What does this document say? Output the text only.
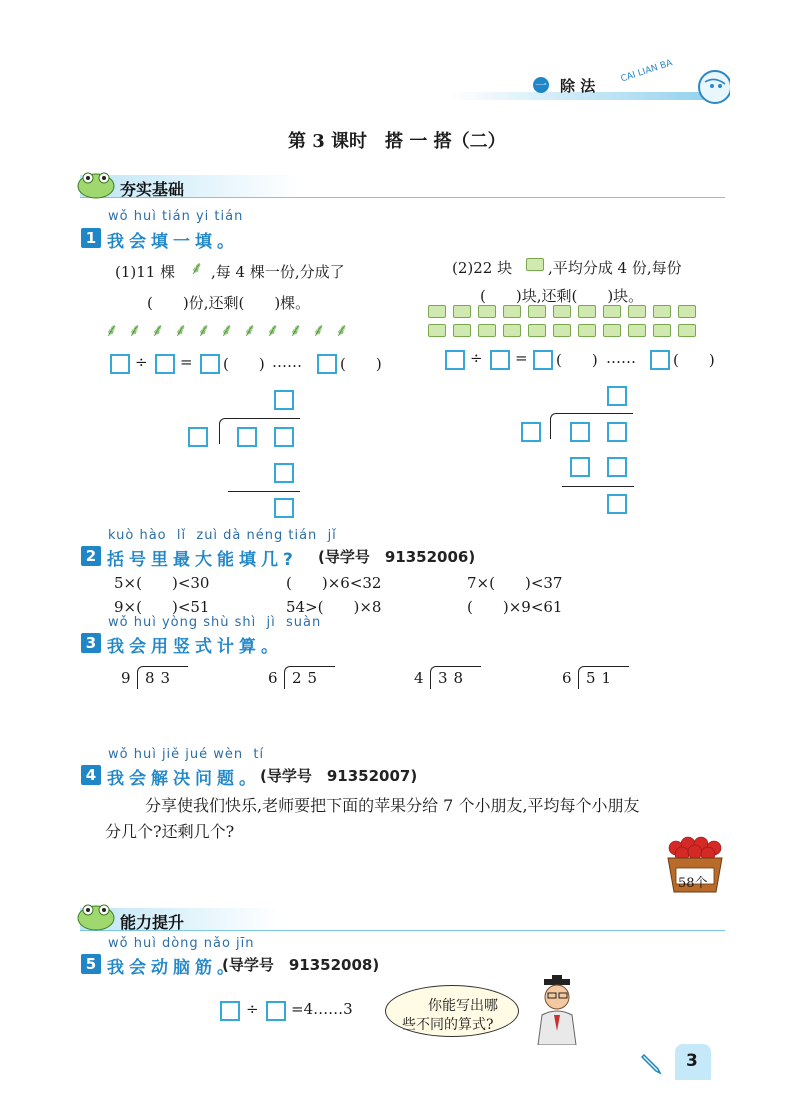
一 除 法
CAI LIAN BA
第 3 课时　搭 一 搭（二）
夯实基础
wǒ huì tián yi tián
1 我会填一填。
(1)11 棵 ⸙ ,每 4 棵一份,分成了
(　　)份,还剩(　　)棵。
⸙ ⸙ ⸙ ⸙ ⸙ ⸙ ⸙ ⸙ ⸙ ⸙ ⸙
÷ = (　　) ……	(　　)
(2)22 块 ,平均分成 4 份,每份
(　　)块,还剩(　　)块。
÷ = (　　) …… (　　)
kuò hào  lǐ  zuì dà néng tián  jǐ
2 括号里最大能填几? (导学号　91352006)
5×(　　)<30	(　　)×6<32	7×(　　)<37
9×(　　)<51	54>(　　)×8	(　　)×9<61
wǒ huì yòng shù shì  jì  suàn
3 我会用竖式计算。
9 83	6 25	4 38	6 51
wǒ huì jiě jué wèn  tí
4 我会解决问题。 (导学号　91352007)
分享使我们快乐,老师要把下面的苹果分给 7 个小朋友,平均每个小朋友
分几个?还剩几个?
58个
能力提升
wǒ huì dòng nǎo jīn
5 我会动脑筋。
(导学号　91352008)
÷ =4……3	你能写出哪
些不同的算式?
3
